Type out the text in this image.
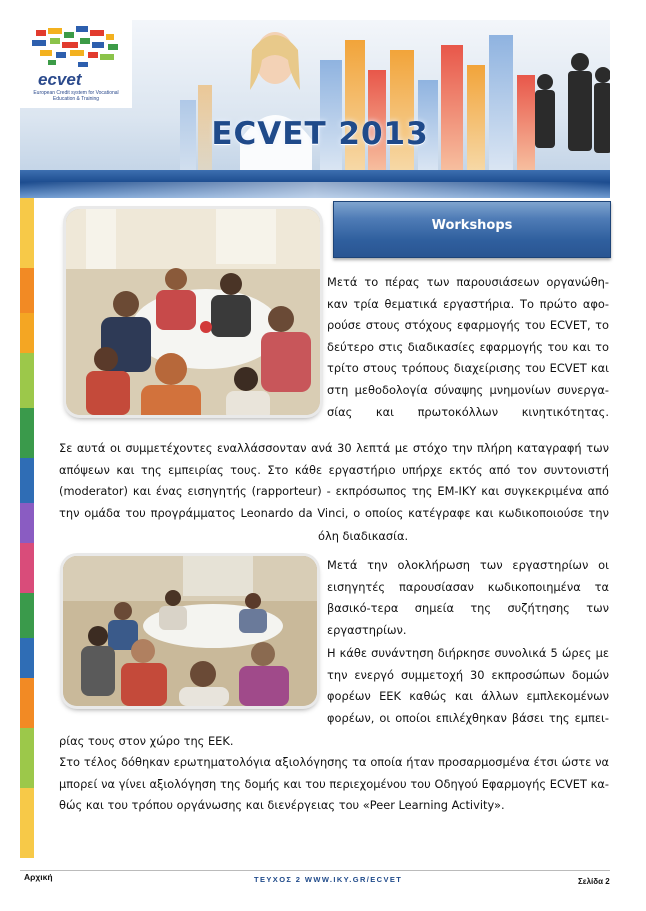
ECVET 2013
ecvet
European Credit system for Vocational Education & Training
Workshops
Μετά το πέρας των παρουσιάσεων οργανώθη-καν τρία θεματικά εργαστήρια. Το πρώτο αφο-ρούσε στους στόχους εφαρμογής του ECVET, το δεύτερο στις διαδικασίες εφαρμογής του και το τρίτο στους τρόπους διαχείρισης του ECVET και στη μεθοδολογία σύναψης μνημονίων συνεργα-σίας και πρωτοκόλλων κινητικότητας.
Σε αυτά οι συμμετέχοντες εναλλάσσονταν ανά 30 λεπτά με στόχο την πλήρη καταγραφή των απόψεων και της εμπειρίας τους. Στο κάθε εργαστήριο υπήρχε εκτός από τον συντονιστή (moderator) και ένας εισηγητής (rapporteur) - εκπρόσωπος της ΕΜ-ΙΚΥ και συγκεκριμένα από την ομάδα του προγράμματος Leonardo da Vinci, ο οποίος κατέγραφε και κωδικοποιούσε την
όλη διαδικασία.
Μετά την ολοκλήρωση των εργαστηρίων οι εισηγητές παρουσίασαν κωδικοποιημένα τα βασικό-τερα σημεία της συζήτησης των εργαστηρίων.
Η κάθε συνάντηση διήρκησε συνολικά 5 ώρες με την ενεργό συμμετοχή 30 εκπροσώπων δομών φορέων ΕΕΚ καθώς και άλλων εμπλεκομένων φορέων, οι οποίοι επιλέχθηκαν βάσει της εμπει-
ρίας τους στον χώρο της ΕΕΚ.
Στο τέλος δόθηκαν ερωτηματολόγια αξιολόγησης τα οποία ήταν προσαρμοσμένα έτσι ώστε να μπορεί να γίνει αξιολόγηση της δομής και του περιεχομένου του Οδηγού Εφαρμογής ECVET κα-
θώς και του τρόπου οργάνωσης και διενέργειας του «Peer Learning Activity».
Αρχική	ΤΕΥΧΟΣ 2 WWW.IKY.GR/ECVET	Σελίδα 2
